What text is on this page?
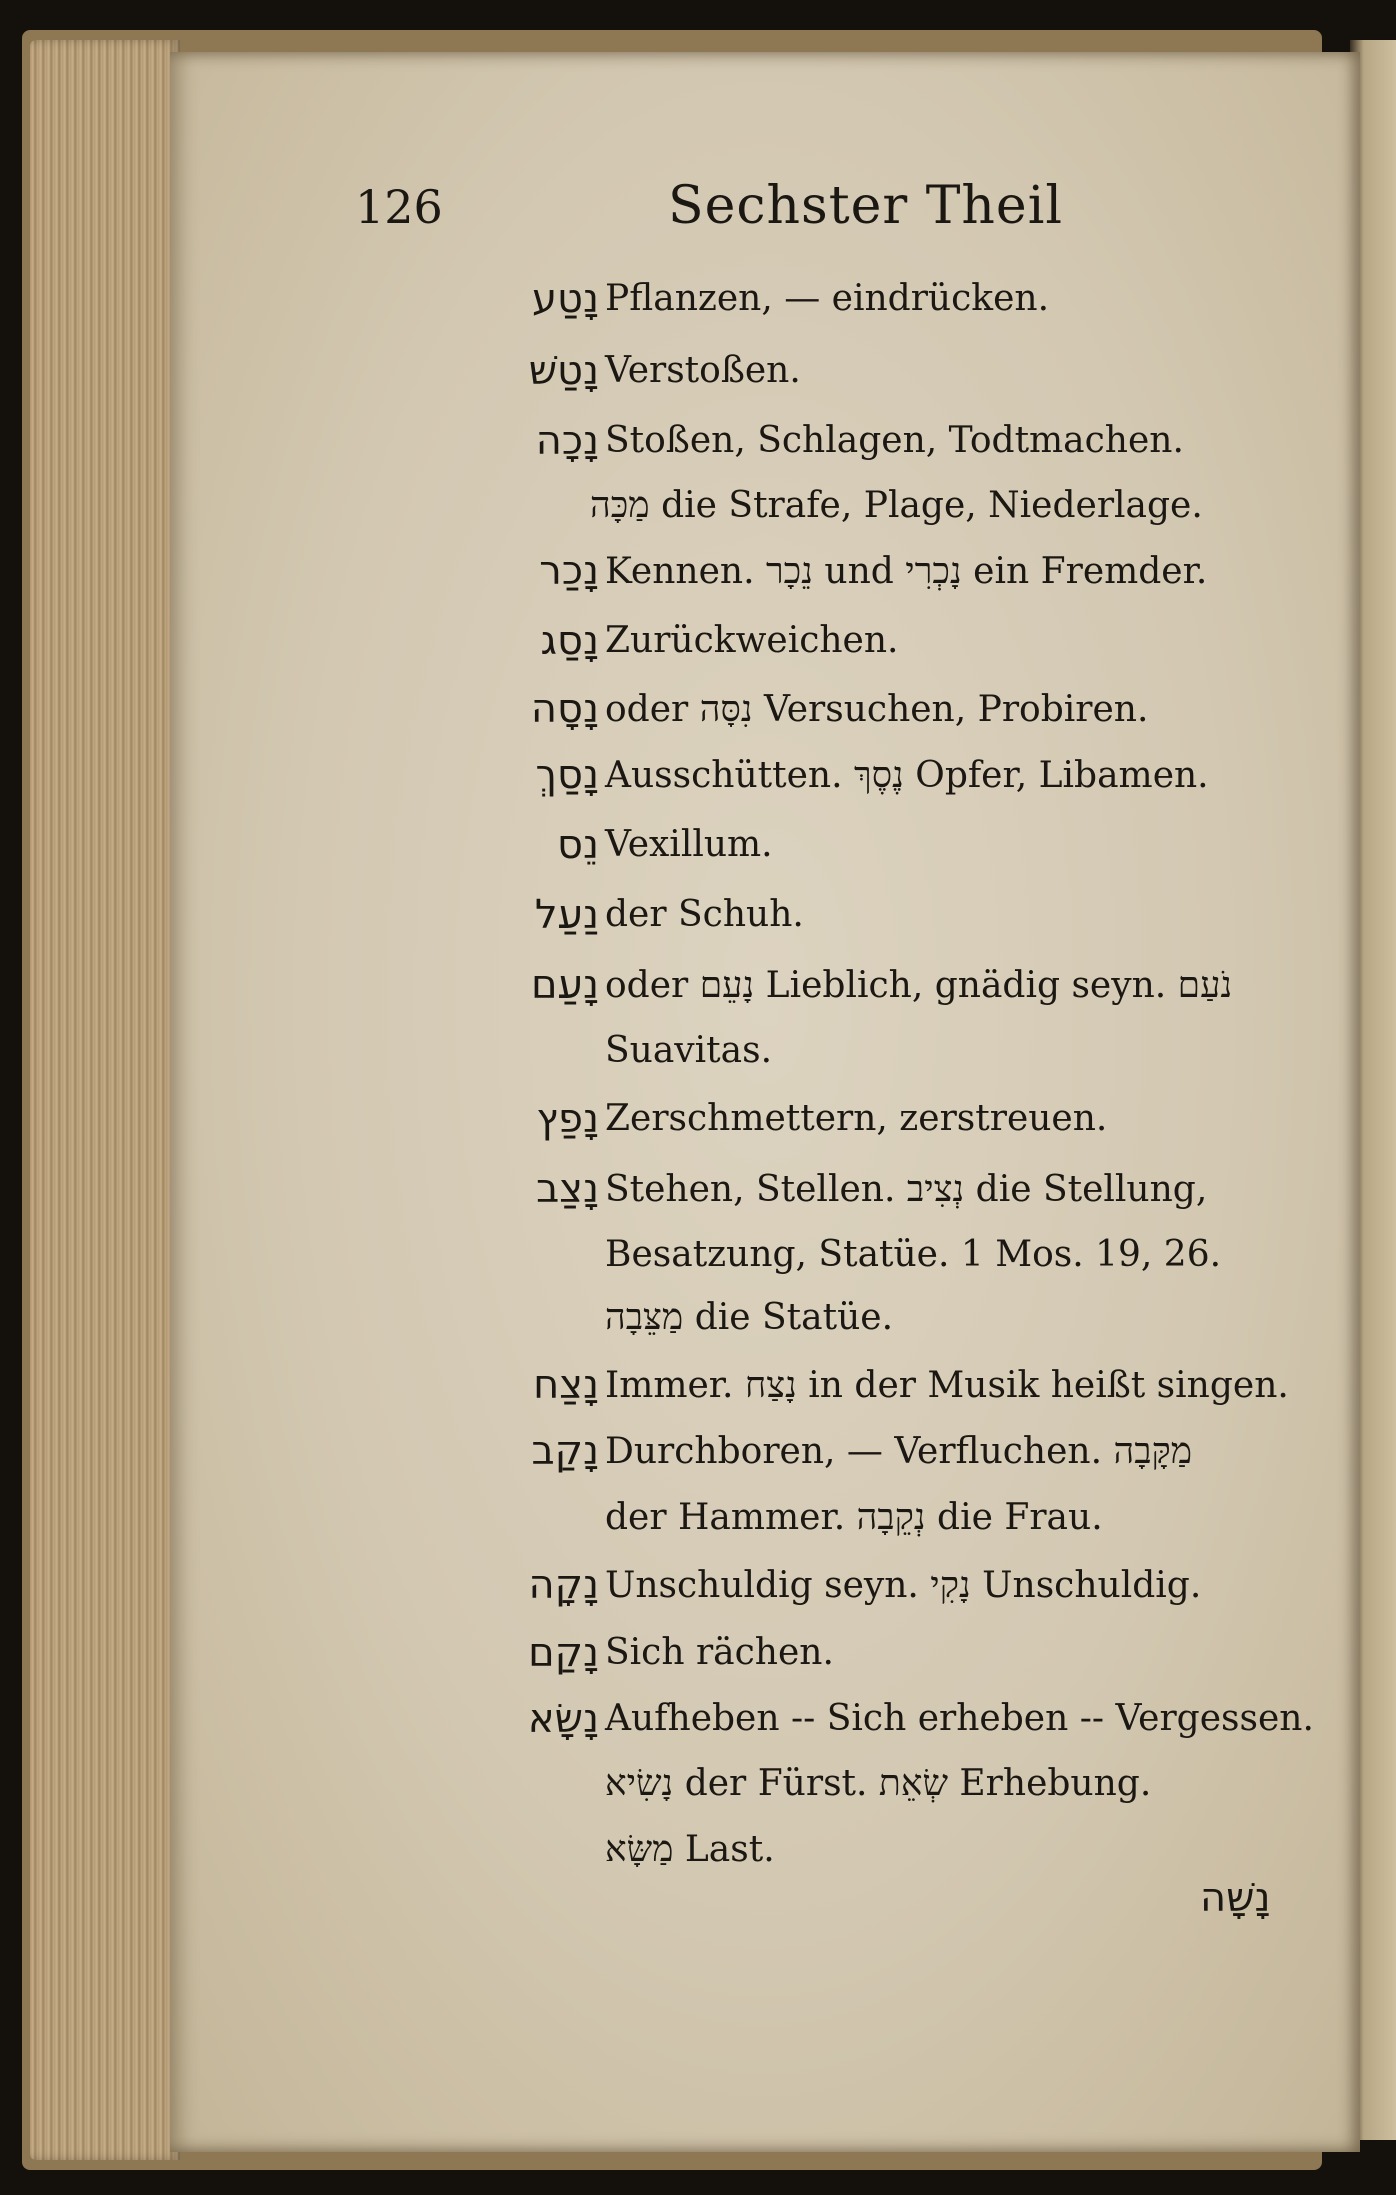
126	Sechster Theil
נָטַע Pflanzen, — eindrücken.
נָטַשׁ Verstoßen.
נָכָה Stoßen, Schlagen, Todtmachen.
מַכָּה die Strafe, Plage, Niederlage.
נָכַר Kennen. נֵכָר und נָכְרִי ein Fremder.
נָסַג Zurückweichen.
נָסָה oder נִסָּה Versuchen, Probiren.
נָסַךְ Ausschütten. נֶסֶךְ Opfer, Libamen.
נֵס Vexillum.
נַעַל der Schuh.
נָעַם oder נָעֵם Lieblich, gnädig seyn. נֹעַם
Suavitas.
נָפַץ Zerschmettern, zerstreuen.
נָצַב Stehen, Stellen. נְצִיב die Stellung,
Besatzung, Statüe. 1 Mos. 19, 26.
מַצֵּבָה die Statüe.
נָצַח Immer. נָצַח in der Musik heißt singen.
נָקַב Durchboren, — Verfluchen. מַקָּבָה
der Hammer. נְקֵבָה die Frau.
נָקָה Unschuldig seyn. נָקִי Unschuldig.
נָקַם Sich rächen.
נָשָׂא Aufheben -- Sich erheben -- Vergessen.
נָשִׂיא der Fürst. שְׂאֵת Erhebung.
מַשָּׂא Last.
נָשָׁה
